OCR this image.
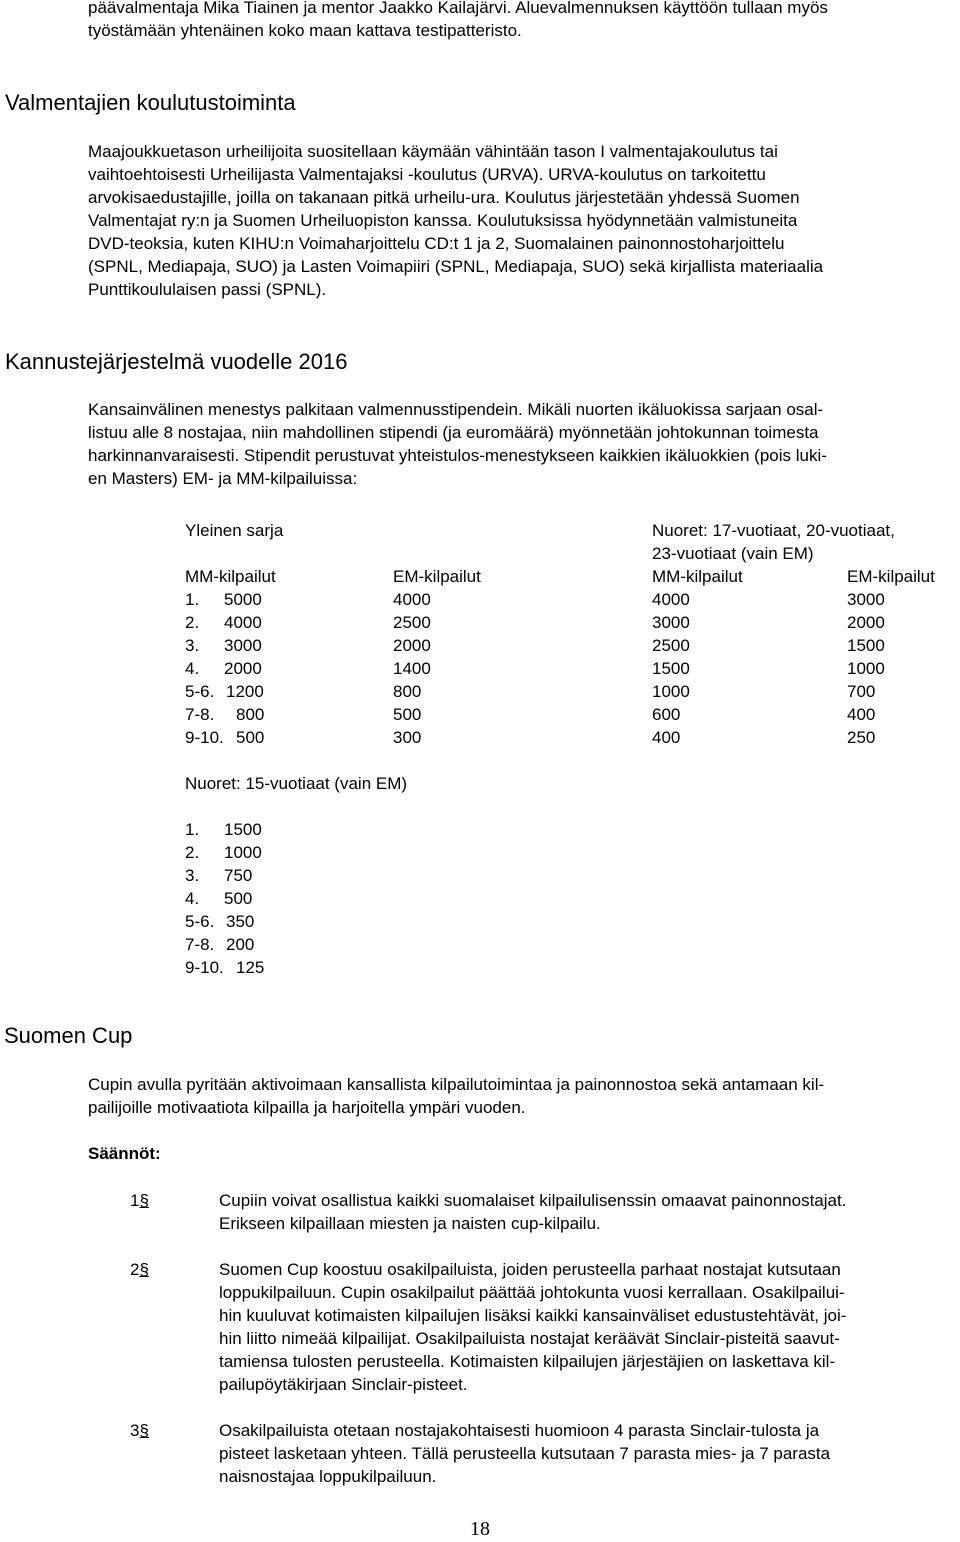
päävalmentaja Mika Tiainen ja mentor Jaakko Kailajärvi. Aluevalmennuksen käyttöön tullaan myös
työstämään yhtenäinen koko maan kattava testipatteristo.
Valmentajien koulutustoiminta
Maajoukkuetason urheilijoita suositellaan käymään vähintään tason I valmentajakoulutus tai
vaihtoehtoisesti Urheilijasta Valmentajaksi -koulutus (URVA). URVA-koulutus on tarkoitettu
arvokisaedustajille, joilla on takanaan pitkä urheilu-ura. Koulutus järjestetään yhdessä Suomen
Valmentajat ry:n ja Suomen Urheiluopiston kanssa. Koulutuksissa hyödynnetään valmistuneita
DVD-teoksia, kuten KIHU:n Voimaharjoittelu CD:t 1 ja 2, Suomalainen painonnostoharjoittelu
(SPNL, Mediapaja, SUO) ja Lasten Voimapiiri (SPNL, Mediapaja, SUO) sekä kirjallista materiaalia
Punttikoululaisen passi (SPNL).
Kannustejärjestelmä vuodelle 2016
Kansainvälinen menestys palkitaan valmennusstipendein. Mikäli nuorten ikäluokissa sarjaan osal-
listuu alle 8 nostajaa, niin mahdollinen stipendi (ja euromäärä) myönnetään johtokunnan toimesta
harkinnanvaraisesti. Stipendit perustuvat yhteistulos-menestykseen kaikkien ikäluokkien (pois luki-
en Masters) EM- ja MM-kilpailuissa:
Yleinen sarja	Nuoret: 17-vuotiaat, 20-vuotiaat,
23-vuotiaat (vain EM)
MM-kilpailut	EM-kilpailut	MM-kilpailut	EM-kilpailut
1. 5000	4000	4000	3000
2. 4000	2500	3000	2000
3. 3000	2000	2500	1500
4. 2000	1400	1500	1000
5-6. 1200	800	1000	700
7-8. 800	500	600	400
9-10. 500	300	400	250
Nuoret: 15-vuotiaat (vain EM)
1. 1500
2. 1000
3. 750
4. 500
5-6. 350
7-8. 200
9-10. 125
Suomen Cup
Cupin avulla pyritään aktivoimaan kansallista kilpailutoimintaa ja painonnostoa sekä antamaan kil-
pailijoille motivaatiota kilpailla ja harjoitella ympäri vuoden.
Säännöt:
1§	Cupiin voivat osallistua kaikki suomalaiset kilpailulisenssin omaavat painonnostajat.
Erikseen kilpaillaan miesten ja naisten cup-kilpailu.
2§	Suomen Cup koostuu osakilpailuista, joiden perusteella parhaat nostajat kutsutaan
loppukilpailuun. Cupin osakilpailut päättää johtokunta vuosi kerrallaan. Osakilpailui-
hin kuuluvat kotimaisten kilpailujen lisäksi kaikki kansainväliset edustustehtävät, joi-
hin liitto nimeää kilpailijat. Osakilpailuista nostajat keräävät Sinclair-pisteitä saavut-
tamiensa tulosten perusteella. Kotimaisten kilpailujen järjestäjien on laskettava kil-
pailupöytäkirjaan Sinclair-pisteet.
3§	Osakilpailuista otetaan nostajakohtaisesti huomioon 4 parasta Sinclair-tulosta ja
pisteet lasketaan yhteen. Tällä perusteella kutsutaan 7 parasta mies- ja 7 parasta
naisnostajaa loppukilpailuun.
18
